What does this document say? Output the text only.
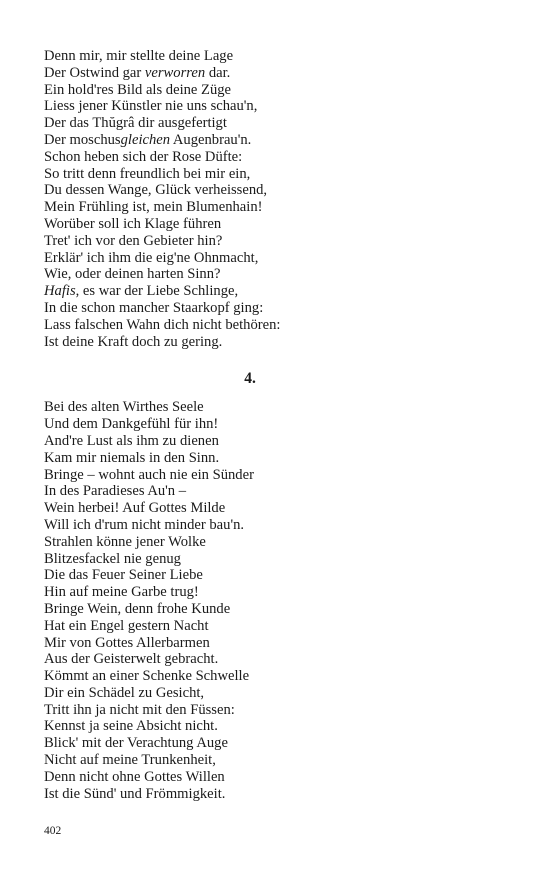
Denn mir, mir stellte deine Lage
Der Ostwind gar verworren dar.
Ein hold'res Bild als deine Züge
Liess jener Künstler nie uns schau'n,
Der das Thŭgrâ dir ausgefertigt
Der moschusgleichen Augenbrau'n.
Schon heben sich der Rose Düfte:
So tritt denn freundlich bei mir ein,
Du dessen Wange, Glück verheissend,
Mein Frühling ist, mein Blumenhain!
Worüber soll ich Klage führen
Tret' ich vor den Gebieter hin?
Erklär' ich ihm die eig'ne Ohnmacht,
Wie, oder deinen harten Sinn?
Hafis, es war der Liebe Schlinge,
In die schon mancher Staarkopf ging:
Lass falschen Wahn dich nicht bethören:
Ist deine Kraft doch zu gering.
4.
Bei des alten Wirthes Seele
Und dem Dankgefühl für ihn!
And're Lust als ihm zu dienen
Kam mir niemals in den Sinn.
Bringe – wohnt auch nie ein Sünder
In des Paradieses Au'n –
Wein herbei! Auf Gottes Milde
Will ich d'rum nicht minder bau'n.
Strahlen könne jener Wolke
Blitzesfackel nie genug
Die das Feuer Seiner Liebe
Hin auf meine Garbe trug!
Bringe Wein, denn frohe Kunde
Hat ein Engel gestern Nacht
Mir von Gottes Allerbarmen
Aus der Geisterwelt gebracht.
Kömmt an einer Schenke Schwelle
Dir ein Schädel zu Gesicht,
Tritt ihn ja nicht mit den Füssen:
Kennst ja seine Absicht nicht.
Blick' mit der Verachtung Auge
Nicht auf meine Trunkenheit,
Denn nicht ohne Gottes Willen
Ist die Sünd' und Frömmigkeit.
402
